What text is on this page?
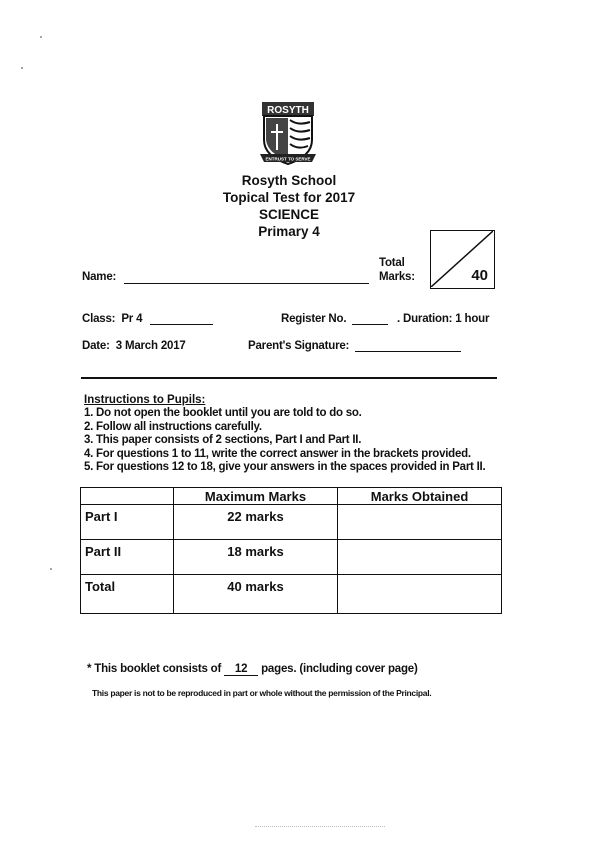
ROSYTH
ENTRUST TO SERVE
Rosyth School
Topical Test for 2017
SCIENCE
Primary 4
Total
Marks:	40
Name:
Class: Pr 4	Register No.	. Duration: 1 hour
Date: 3 March 2017	Parent's Signature:
Instructions to Pupils:
1. Do not open the booklet until you are told to do so.
2. Follow all instructions carefully.
3. This paper consists of 2 sections, Part I and Part II.
4. For questions 1 to 11, write the correct answer in the brackets provided.
5. For questions 12 to 18, give your answers in the spaces provided in Part II.
	Maximum Marks	Marks Obtained
Part I	22 marks	
Part II	18 marks	
Total	40 marks	
* This booklet consists of 12 pages. (including cover page)
This paper is not to be reproduced in part or whole without the permission of the Principal.
